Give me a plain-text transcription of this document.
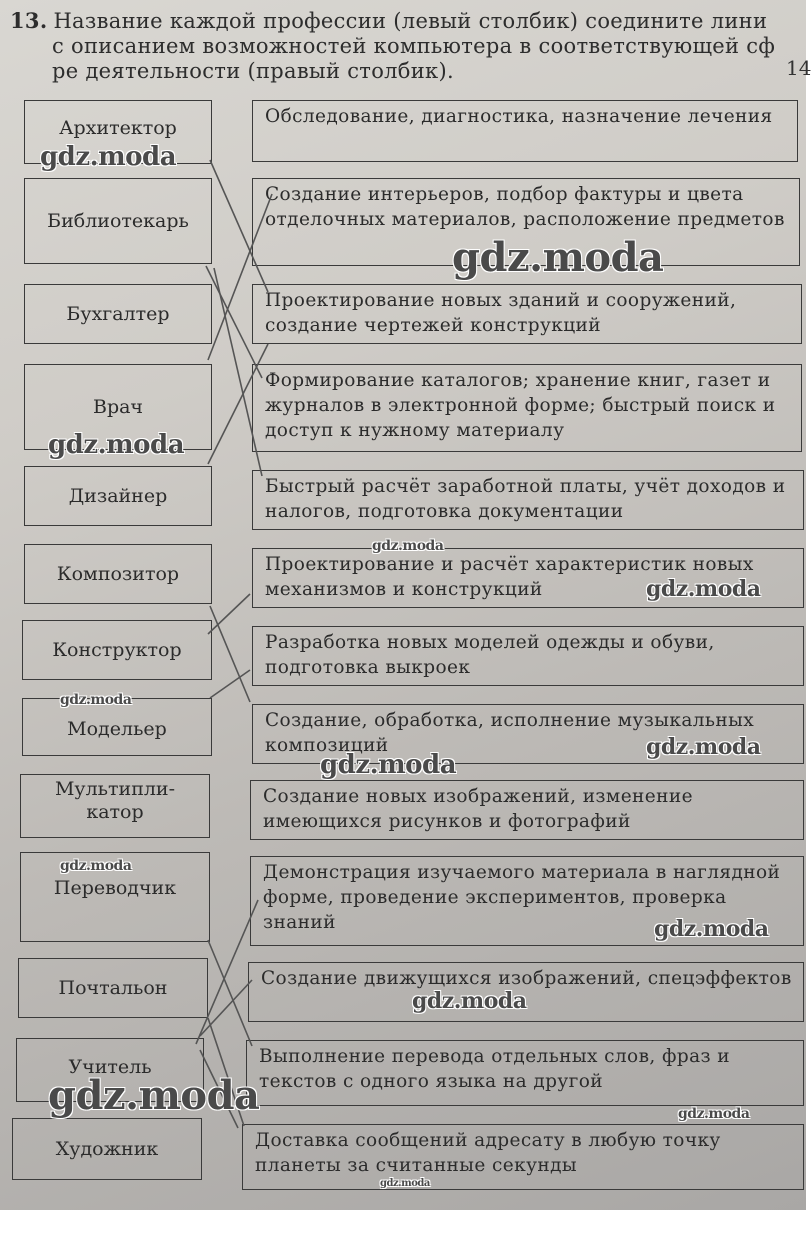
13. Название каждой профессии (левый столбик) соедините лини
с описанием возможностей компьютера в соответствующей сф
ре деятельности (правый столбик).	14
Архитектор
Библиотекарь
Бухгалтер
Врач
Дизайнер
Композитор
Конструктор
Модельер
Мультипли-
катор
Переводчик
Почтальон
Учитель
Художник
Обследование, диагностика, назначение лечения
Создание интерьеров, подбор фактуры и цвета отделочных материалов, расположение предметов
Проектирование новых зданий и сооружений, создание чертежей конструкций
Формирование каталогов; хранение книг, газет и журналов в электронной форме; быстрый поиск и доступ к нужному материалу
Быстрый расчёт заработной платы, учёт доходов и налогов, подготовка документации
Проектирование и расчёт характеристик новых механизмов и конструкций
Разработка новых моделей одежды и обуви, подготовка выкроек
Создание, обработка, исполнение музыкальных композиций
Создание новых изображений, изменение имеющихся рисунков и фотографий
Демонстрация изучаемого материала в наглядной форме, проведение экспериментов, проверка знаний
Создание движущихся изображений, спецэффектов
Выполнение перевода отдельных слов, фраз и текстов с одного языка на другой
Доставка сообщений адресату в любую точку планеты за считанные секунды
gdz.moda
gdz.moda
gdz.moda
gdz.moda
gdz.moda
gdz.moda
gdz.moda
gdz.moda
gdz.moda
gdz.moda
gdz.moda
gdz.moda	gdz.moda
gdz.moda
